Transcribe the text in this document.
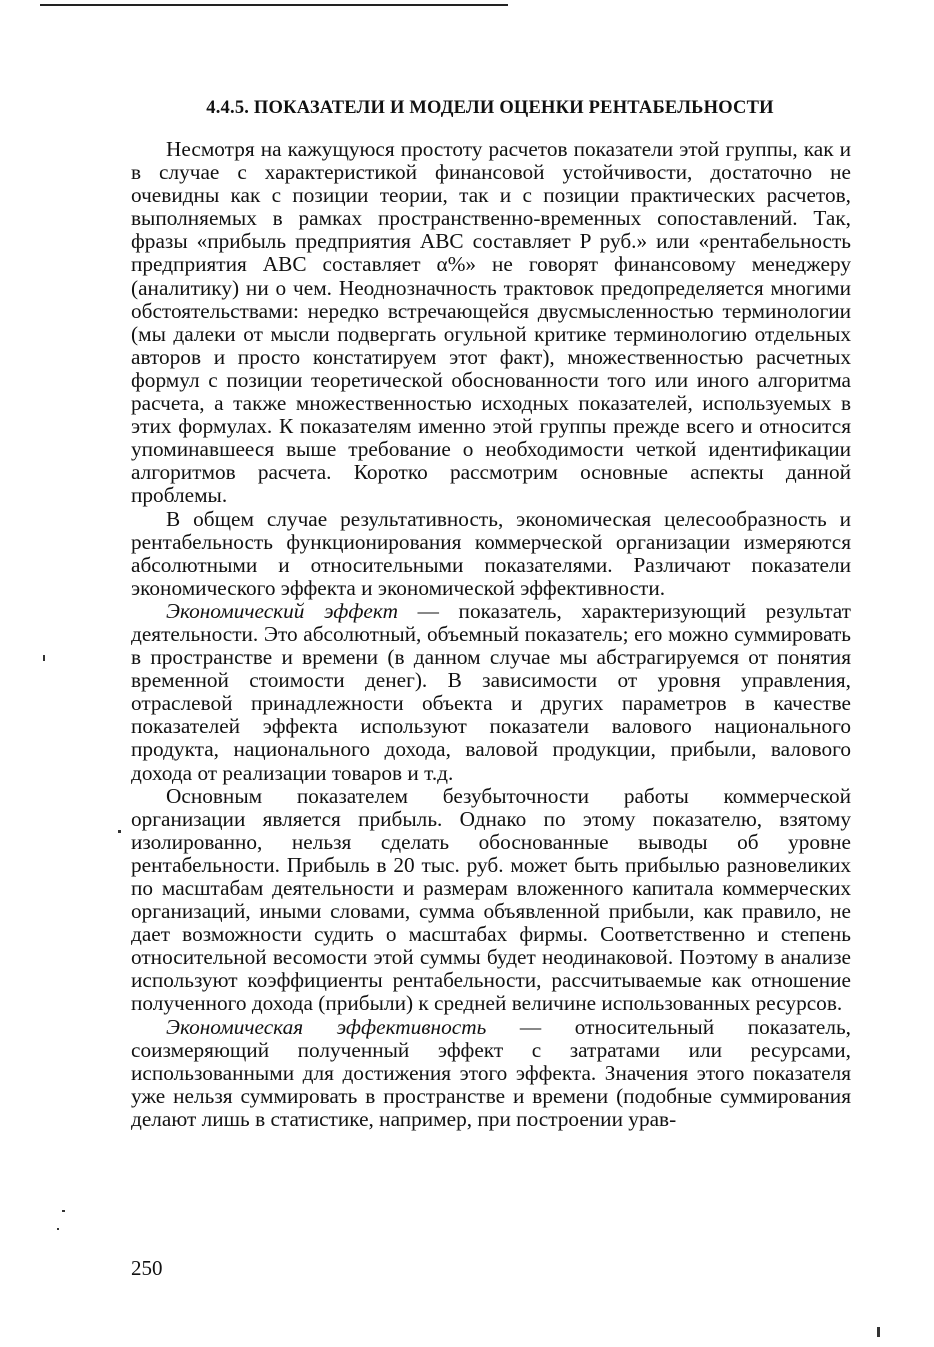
4.4.5. ПОКАЗАТЕЛИ И МОДЕЛИ ОЦЕНКИ РЕНТАБЕЛЬНОСТИ

Несмотря на кажущуюся простоту расчетов показатели этой группы, как и в случае с характеристикой финансовой устойчивости, достаточно не очевидны как с позиции теории, так и с позиции практических расчетов, выполняемых в рамках пространственно-временных сопоставлений. Так, фразы «прибыль предприятия ABC составляет P руб.» или «рентабельность предприятия ABC составляет α%» не говорят финансовому менеджеру (аналитику) ни о чем. Неоднозначность трактовок предопределяется многими обстоятельствами: нередко встречающейся двусмысленностью терминологии (мы далеки от мысли подвергать огульной критике терминологию отдельных авторов и просто констатируем этот факт), множественностью расчетных формул с позиции теоретической обоснованности того или иного алгоритма расчета, а также множественностью исходных показателей, используемых в этих формулах. К показателям именно этой группы прежде всего и относится упоминавшееся выше требование о необходимости четкой идентификации алгоритмов расчета. Коротко рассмотрим основные аспекты данной проблемы.

В общем случае результативность, экономическая целесообразность и рентабельность функционирования коммерческой организации измеряются абсолютными и относительными показателями. Различают показатели экономического эффекта и экономической эффективности.

Экономический эффект — показатель, характеризующий результат деятельности. Это абсолютный, объемный показатель; его можно суммировать в пространстве и времени (в данном случае мы абстрагируемся от понятия временной стоимости денег). В зависимости от уровня управления, отраслевой принадлежности объекта и других параметров в качестве показателей эффекта используют показатели валового национального продукта, национального дохода, валовой продукции, прибыли, валового дохода от реализации товаров и т.д.

Основным показателем безубыточности работы коммерческой организации является прибыль. Однако по этому показателю, взятому изолированно, нельзя сделать обоснованные выводы об уровне рентабельности. Прибыль в 20 тыс. руб. может быть прибылью разновеликих по масштабам деятельности и размерам вложенного капитала коммерческих организаций, иными словами, сумма объявленной прибыли, как правило, не дает возможности судить о масштабах фирмы. Соответственно и степень относительной весомости этой суммы будет неодинаковой. Поэтому в анализе используют коэффициенты рентабельности, рассчитываемые как отношение полученного дохода (прибыли) к средней величине использованных ресурсов.

Экономическая эффективность — относительный показатель, соизмеряющий полученный эффект с затратами или ресурсами, использованными для достижения этого эффекта. Значения этого показателя уже нельзя суммировать в пространстве и времени (подобные суммирования делают лишь в статистике, например, при построении урав-

250
